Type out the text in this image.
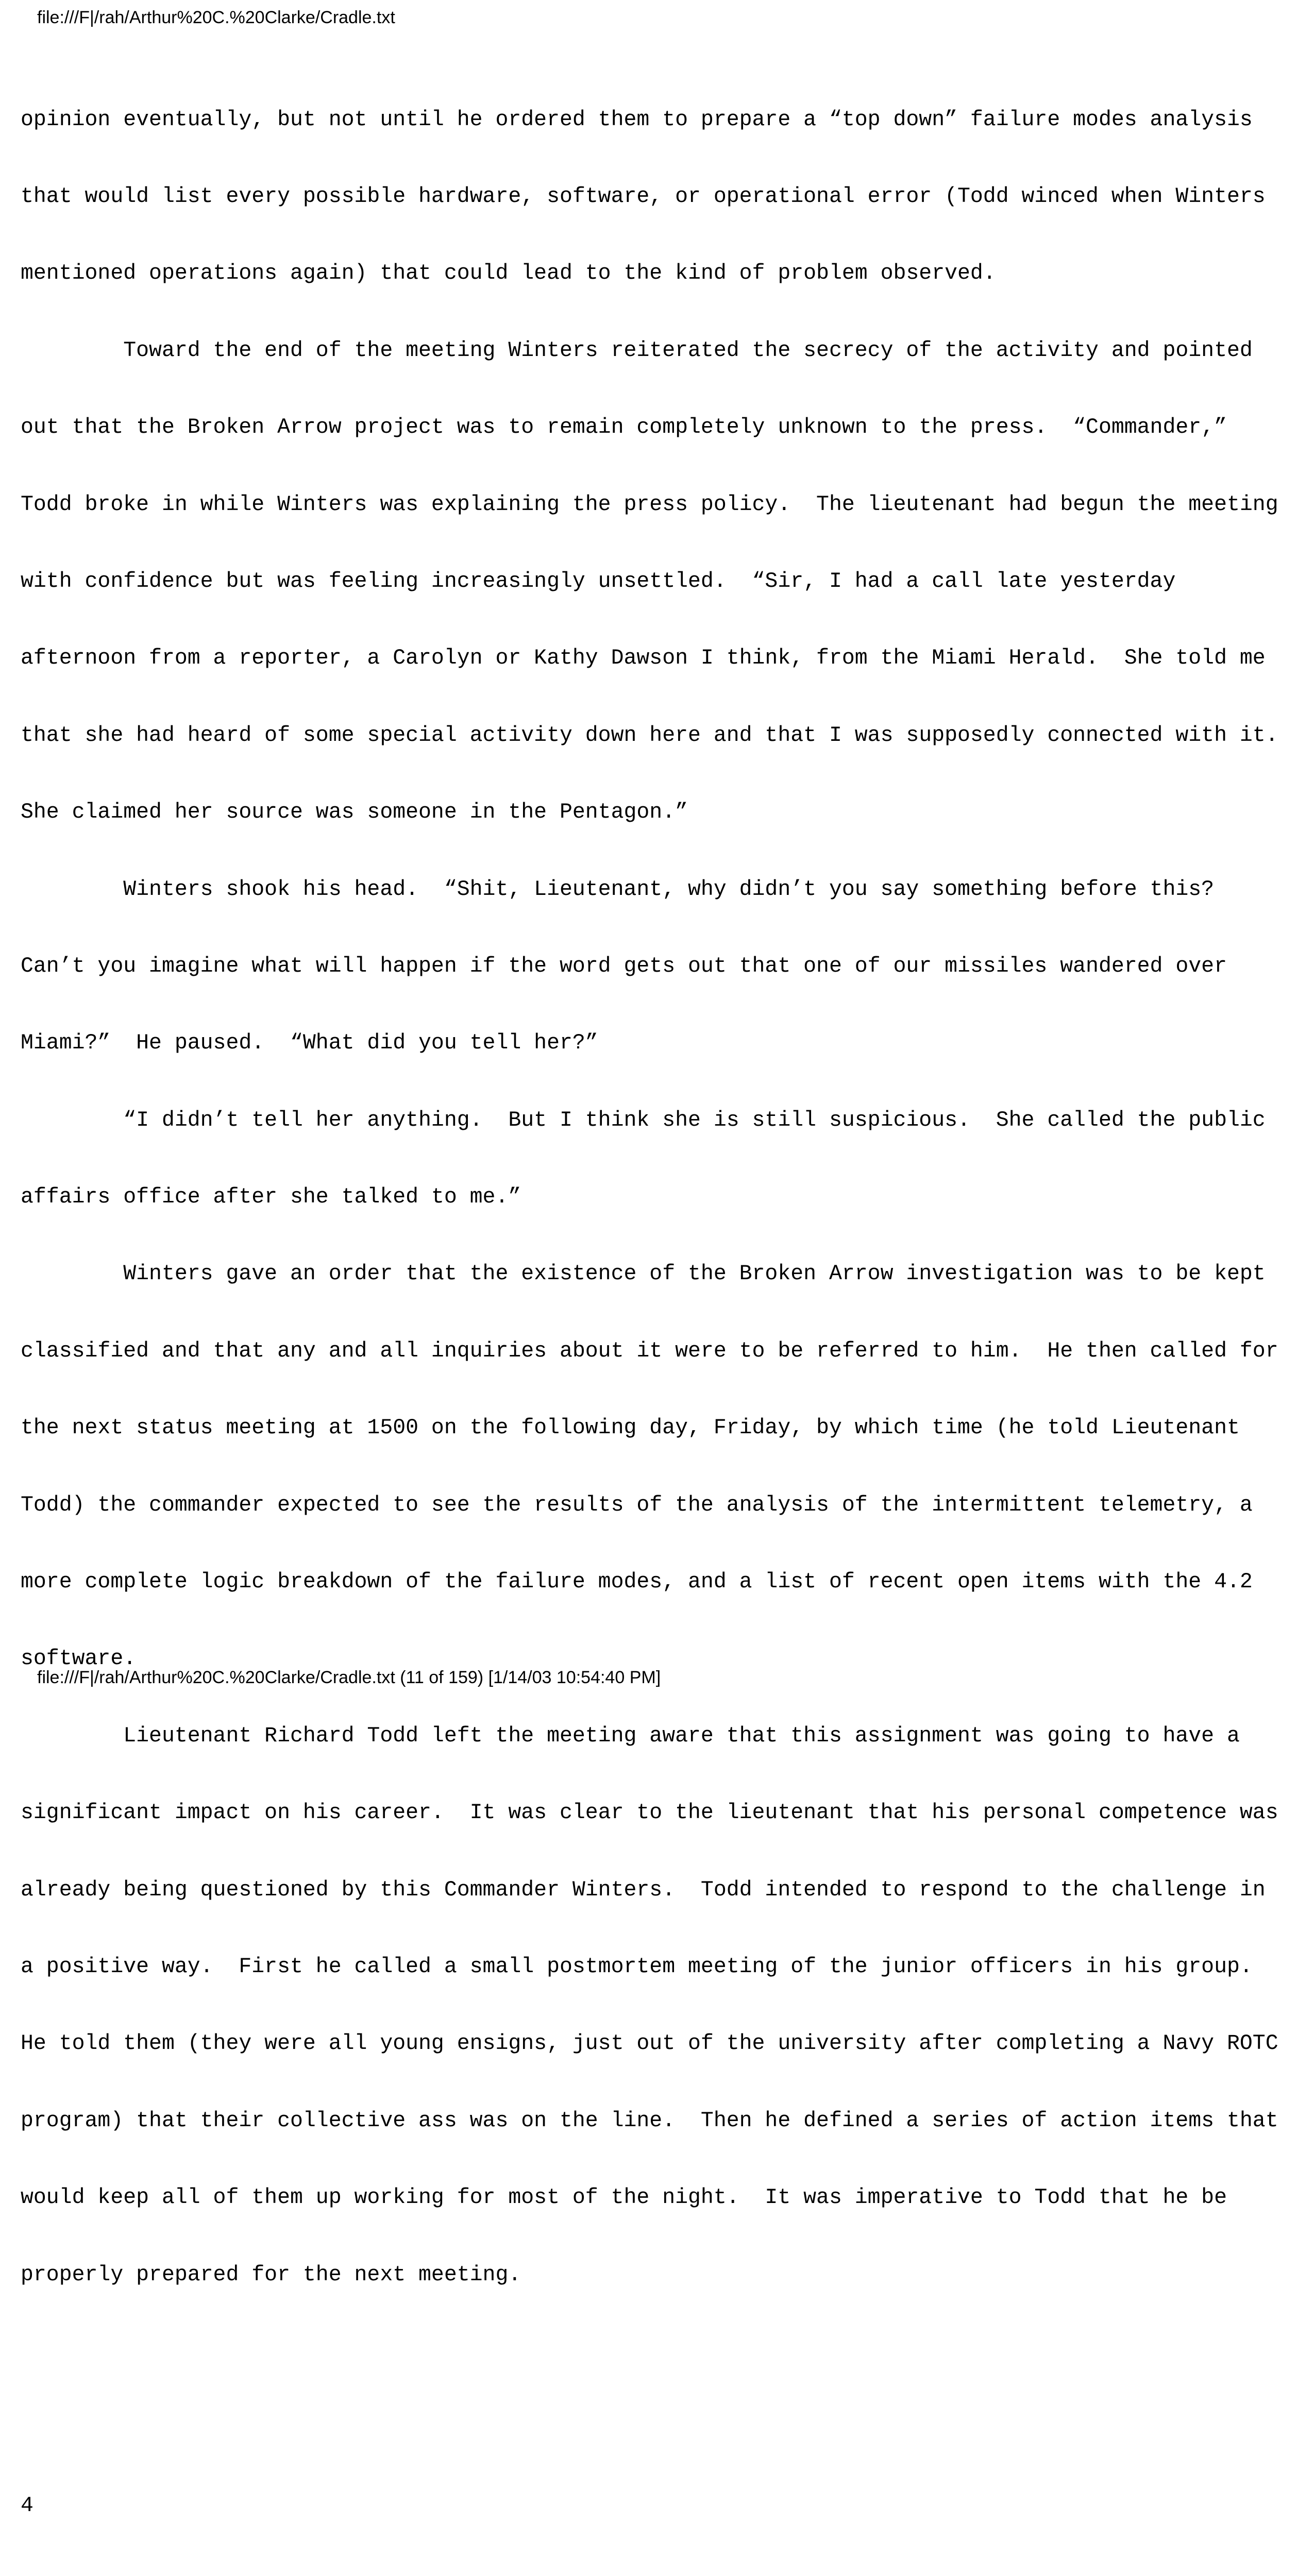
file:///F|/rah/Arthur%20C.%20Clarke/Cradle.txt

opinion eventually, but not until he ordered them to prepare a “top down” failure modes analysis

that would list every possible hardware, software, or operational error (Todd winced when Winters

mentioned operations again) that could lead to the kind of problem observed.

Toward the end of the meeting Winters reiterated the secrecy of the activity and pointed

out that the Broken Arrow project was to remain completely unknown to the press.  “Commander,”

Todd broke in while Winters was explaining the press policy.  The lieutenant had begun the meeting

with confidence but was feeling increasingly unsettled.  “Sir, I had a call late yesterday

afternoon from a reporter, a Carolyn or Kathy Dawson I think, from the Miami Herald.  She told me

that she had heard of some special activity down here and that I was supposedly connected with it.

She claimed her source was someone in the Pentagon.”

Winters shook his head.  “Shit, Lieutenant, why didn’t you say something before this?

Can’t you imagine what will happen if the word gets out that one of our missiles wandered over

Miami?”  He paused.  “What did you tell her?”

“I didn’t tell her anything.  But I think she is still suspicious.  She called the public

affairs office after she talked to me.”

Winters gave an order that the existence of the Broken Arrow investigation was to be kept

classified and that any and all inquiries about it were to be referred to him.  He then called for

the next status meeting at 1500 on the following day, Friday, by which time (he told Lieutenant

Todd) the commander expected to see the results of the analysis of the intermittent telemetry, a

more complete logic breakdown of the failure modes, and a list of recent open items with the 4.2

software.

Lieutenant Richard Todd left the meeting aware that this assignment was going to have a

significant impact on his career.  It was clear to the lieutenant that his personal competence was

already being questioned by this Commander Winters.  Todd intended to respond to the challenge in

a positive way.  First he called a small postmortem meeting of the junior officers in his group.

He told them (they were all young ensigns, just out of the university after completing a Navy ROTC

program) that their collective ass was on the line.  Then he defined a series of action items that

would keep all of them up working for most of the night.  It was imperative to Todd that he be

properly prepared for the next meeting.

4

file:///F|/rah/Arthur%20C.%20Clarke/Cradle.txt (11 of 159) [1/14/03 10:54:40 PM]
